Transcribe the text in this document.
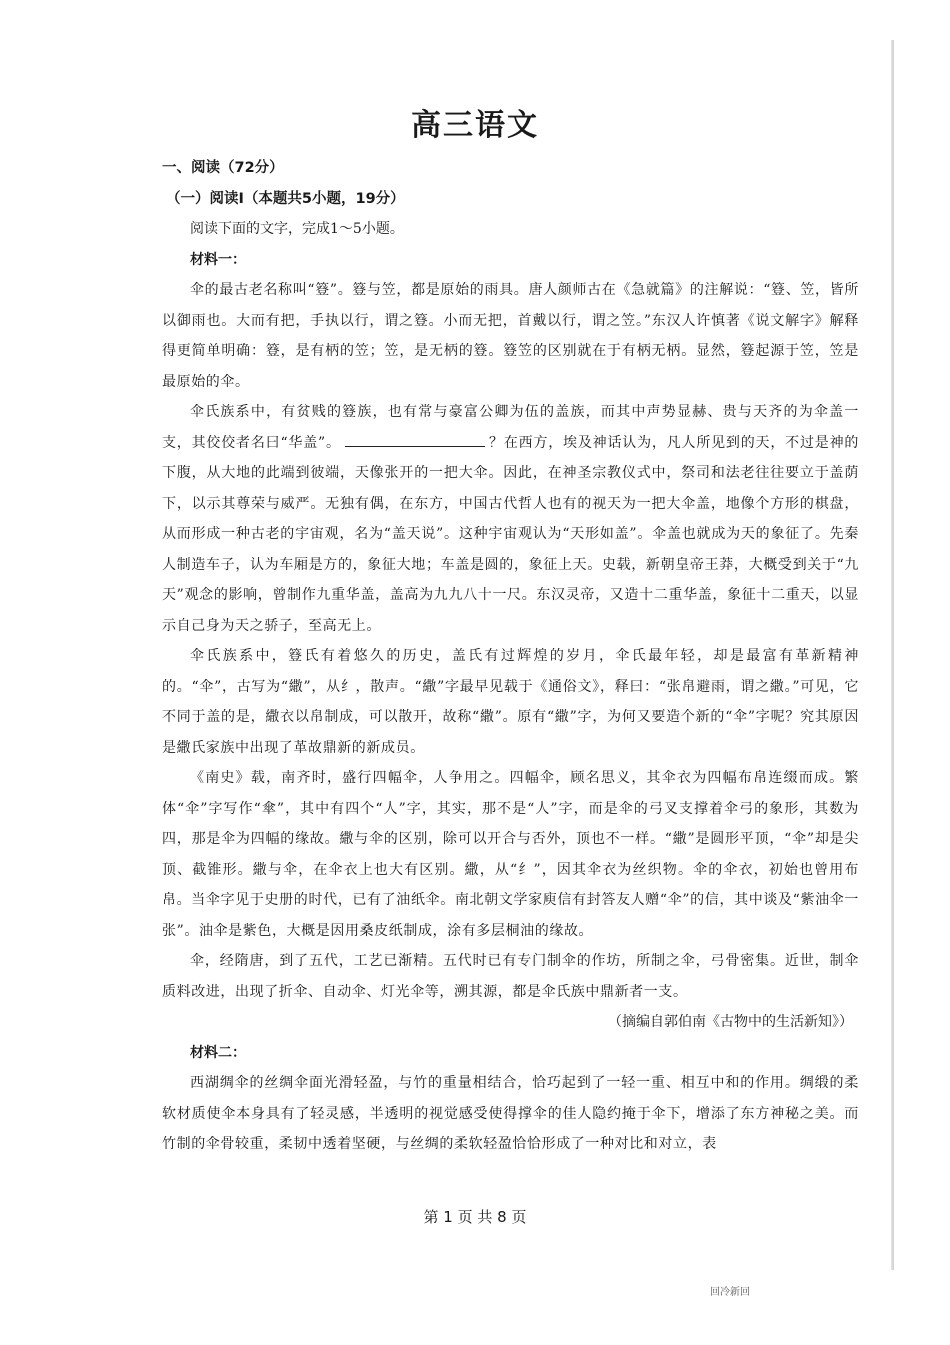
高三语文

一、阅读（72分）

（一）阅读Ⅰ（本题共5小题，19分）

阅读下面的文字，完成1～5小题。

材料一：

伞的最古老名称叫“簦”。簦与笠，都是原始的雨具。唐人颜师古在《急就篇》的注解说：“簦、笠，皆所以御雨也。大而有把，手执以行，谓之簦。小而无把，首戴以行，谓之笠。”东汉人许慎著《说文解字》解释得更简单明确：簦，是有柄的笠；笠，是无柄的簦。簦笠的区别就在于有柄无柄。显然，簦起源于笠，笠是最原始的伞。

伞氏族系中，有贫贱的簦族，也有常与豪富公卿为伍的盖族，而其中声势显赫、贵与天齐的为伞盖一支，其佼佼者名曰“华盖”。	？在西方，埃及神话认为，凡人所见到的天，不过是神的下腹，从大地的此端到彼端，天像张开的一把大伞。因此，在神圣宗教仪式中，祭司和法老往往要立于盖荫下，以示其尊荣与威严。无独有偶，在东方，中国古代哲人也有的视天为一把大伞盖，地像个方形的棋盘，从而形成一种古老的宇宙观，名为“盖天说”。这种宇宙观认为“天形如盖”。伞盖也就成为天的象征了。先秦人制造车子，认为车厢是方的，象征大地；车盖是圆的，象征上天。史载，新朝皇帝王莽，大概受到关于“九天”观念的影响，曾制作九重华盖，盖高为九九八十一尺。东汉灵帝，又造十二重华盖，象征十二重天，以显示自己身为天之骄子，至高无上。

伞氏族系中，簦氏有着悠久的历史，盖氏有过辉煌的岁月，伞氏最年轻，却是最富有革新精神的。“伞”，古写为“繖”，从纟，散声。“繖”字最早见载于《通俗文》，释曰：“张帛避雨，谓之繖。”可见，它不同于盖的是，繖衣以帛制成，可以散开，故称“繖”。原有“繖”字，为何又要造个新的“伞”字呢？究其原因是繖氏家族中出现了革故鼎新的新成员。

《南史》载，南齐时，盛行四幅伞，人争用之。四幅伞，顾名思义，其伞衣为四幅布帛连缀而成。繁体“伞”字写作“傘”，其中有四个“人”字，其实，那不是“人”字，而是伞的弓叉支撑着伞弓的象形，其数为四，那是伞为四幅的缘故。繖与伞的区别，除可以开合与否外，顶也不一样。“繖”是圆形平顶，“伞”却是尖顶、截锥形。繖与伞，在伞衣上也大有区别。繖，从“纟”，因其伞衣为丝织物。伞的伞衣，初始也曾用布帛。当伞字见于史册的时代，已有了油纸伞。南北朝文学家庾信有封答友人赠“伞”的信，其中谈及“紫油伞一张”。油伞是紫色，大概是因用桑皮纸制成，涂有多层桐油的缘故。

伞，经隋唐，到了五代，工艺已渐精。五代时已有专门制伞的作坊，所制之伞，弓骨密集。近世，制伞质料改进，出现了折伞、自动伞、灯光伞等，溯其源，都是伞氏族中鼎新者一支。

（摘编自郭伯南《古物中的生活新知》）

材料二：

西湖绸伞的丝绸伞面光滑轻盈，与竹的重量相结合，恰巧起到了一轻一重、相互中和的作用。绸缎的柔软材质使伞本身具有了轻灵感，半透明的视觉感受使得撑伞的佳人隐约掩于伞下，增添了东方神秘之美。而竹制的伞骨较重，柔韧中透着坚硬，与丝绸的柔软轻盈恰恰形成了一种对比和对立，表

第 1 页 共 8 页
回冷新回
